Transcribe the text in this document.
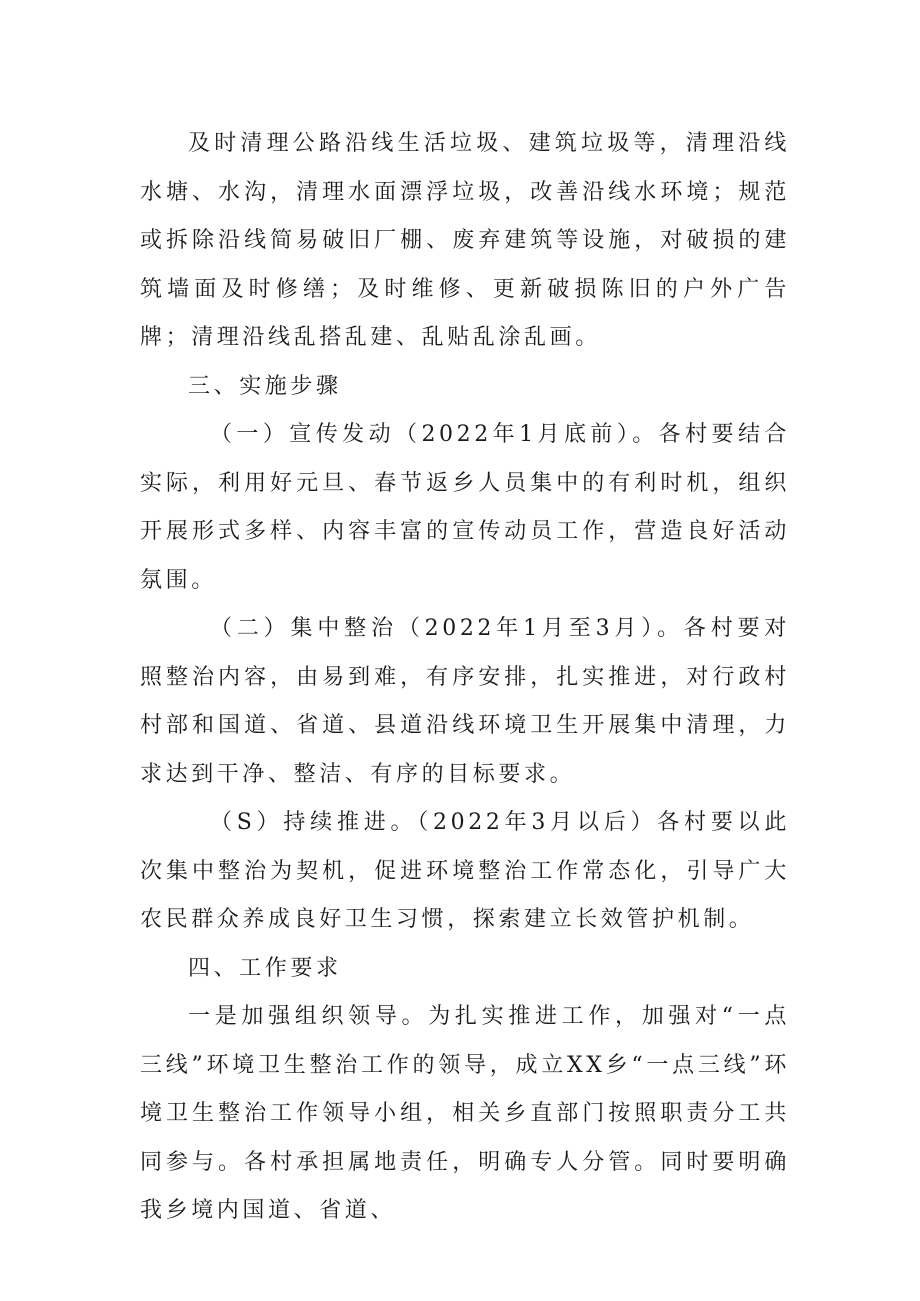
及时清理公路沿线生活垃圾、建筑垃圾等，清理沿线水塘、水沟，清理水面漂浮垃圾，改善沿线水环境；规范或拆除沿线简易破旧厂棚、废弃建筑等设施，对破损的建筑墙面及时修缮；及时维修、更新破损陈旧的户外广告牌；清理沿线乱搭乱建、乱贴乱涂乱画。

三、实施步骤

（一）宣传发动（2022年1月底前）。各村要结合实际，利用好元旦、春节返乡人员集中的有利时机，组织开展形式多样、内容丰富的宣传动员工作，营造良好活动氛围。

（二）集中整治（2022年1月至3月）。各村要对照整治内容，由易到难，有序安排，扎实推进，对行政村村部和国道、省道、县道沿线环境卫生开展集中清理，力求达到干净、整洁、有序的目标要求。

（S）持续推进。（2022年3月以后）各村要以此次集中整治为契机，促进环境整治工作常态化，引导广大农民群众养成良好卫生习惯，探索建立长效管护机制。

四、工作要求

一是加强组织领导。为扎实推进工作，加强对“一点三线”环境卫生整治工作的领导，成立XX乡“一点三线”环境卫生整治工作领导小组，相关乡直部门按照职责分工共同参与。各村承担属地责任，明确专人分管。同时要明确我乡境内国道、省道、
